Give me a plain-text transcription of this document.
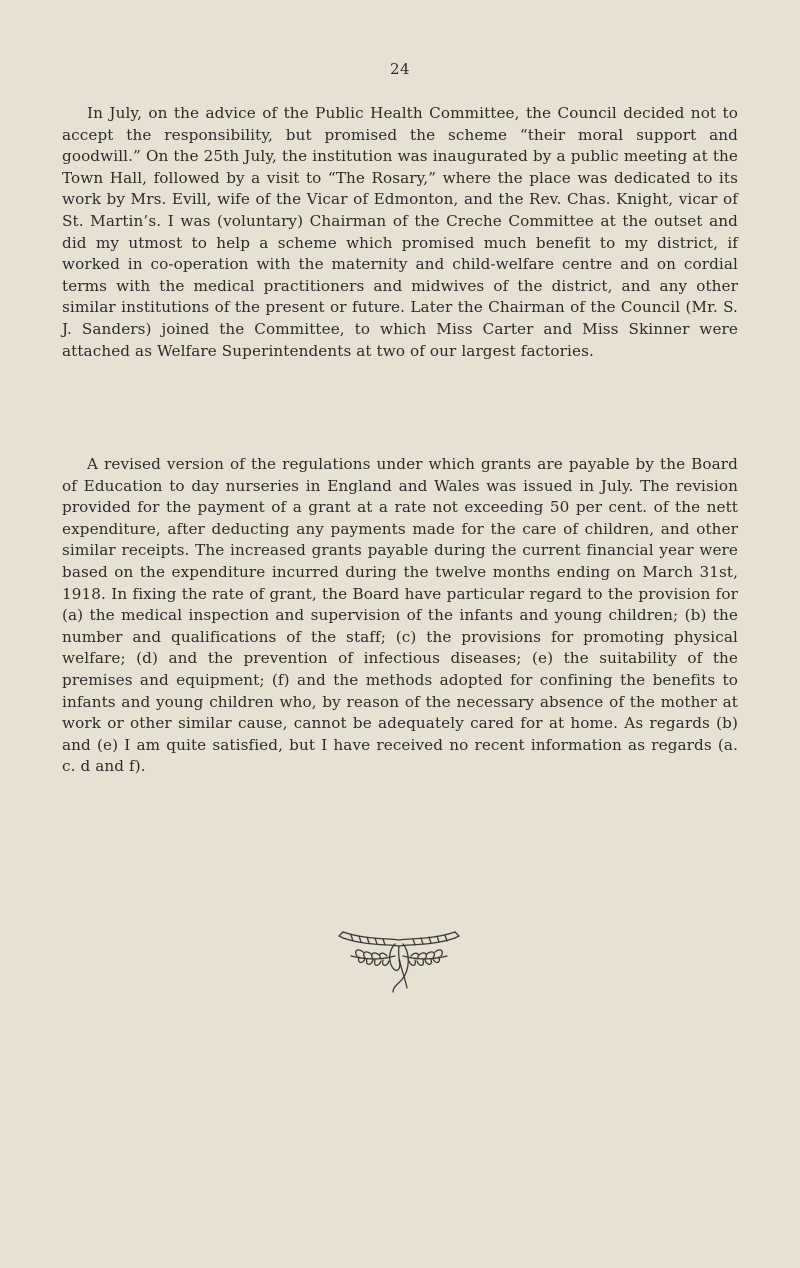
24

In July, on the advice of the Public Health Committee, the Council decided not to accept the responsibility, but promised the scheme “their moral support and goodwill.” On the 25th July, the institution was inaugurated by a public meeting at the Town Hall, followed by a visit to “The Rosary,” where the place was dedicated to its work by Mrs. Evill, wife of the Vicar of Edmonton, and the Rev. Chas. Knight, vicar of St. Martin’s. I was (voluntary) Chairman of the Creche Committee at the outset and did my utmost to help a scheme which promised much benefit to my district, if worked in co-operation with the maternity and child-welfare centre and on cordial terms with the medical practitioners and midwives of the district, and any other similar institutions of the present or future. Later the Chairman of the Council (Mr. S. J. Sanders) joined the Committee, to which Miss Carter and Miss Skinner were attached as Welfare Superintendents at two of our largest factories.

A revised version of the regulations under which grants are payable by the Board of Education to day nurseries in England and Wales was issued in July. The revision provided for the payment of a grant at a rate not exceeding 50 per cent. of the nett expenditure, after deducting any payments made for the care of children, and other similar receipts. The increased grants payable during the current financial year were based on the expenditure incurred during the twelve months ending on March 31st, 1918. In fixing the rate of grant, the Board have particular regard to the provision for (a) the medical inspection and supervision of the infants and young children; (b) the number and qualifications of the staff; (c) the provisions for promoting physical welfare; (d) and the prevention of infectious diseases; (e) the suitability of the premises and equipment; (f) and the methods adopted for confining the benefits to infants and young children who, by reason of the necessary absence of the mother at work or other similar cause, cannot be adequately cared for at home. As regards (b) and (e) I am quite satisfied, but I have received no recent information as regards (a. c. d and f).
